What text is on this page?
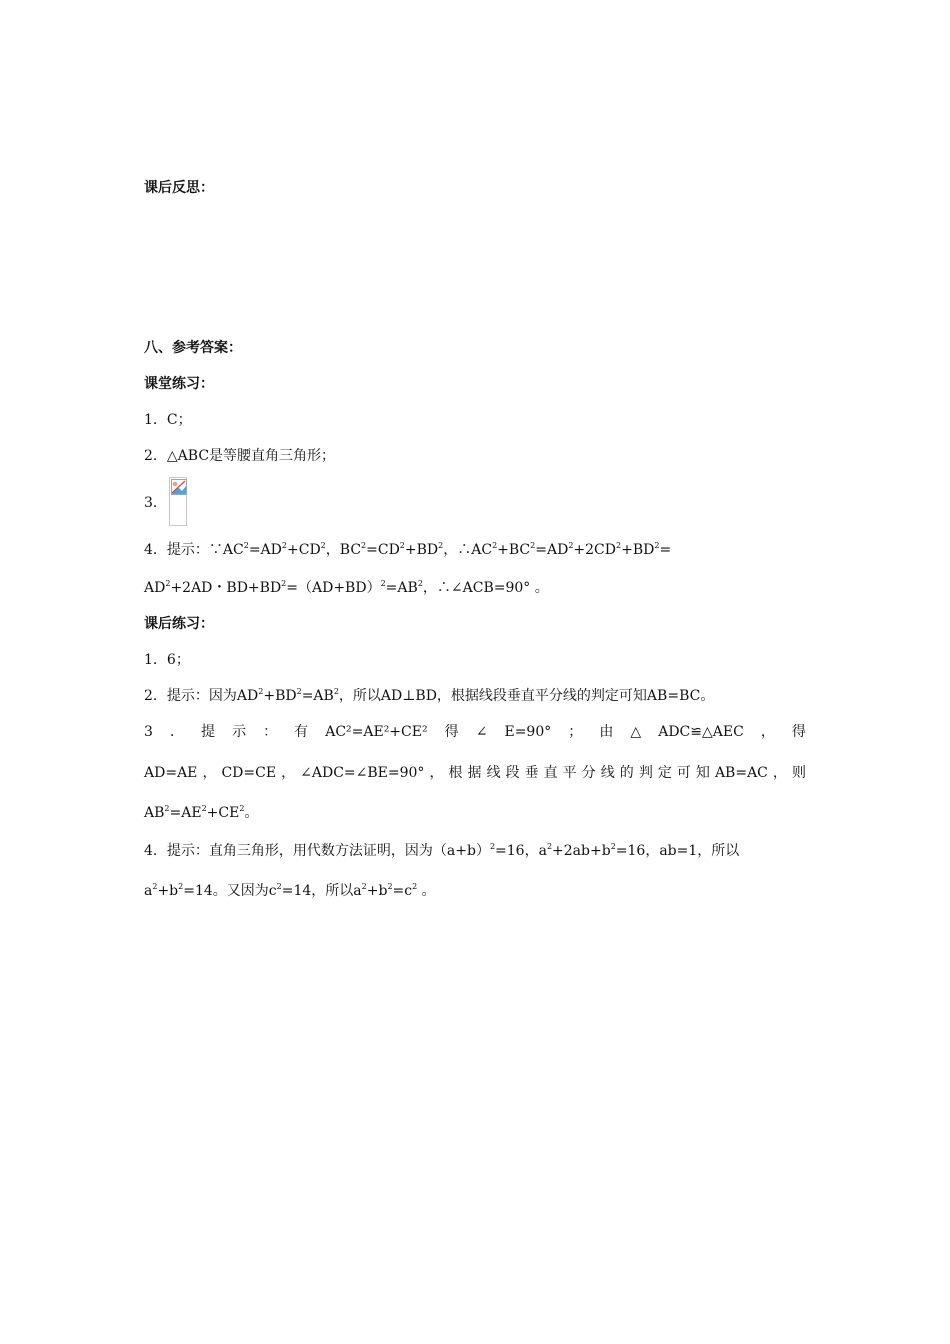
课后反思：
八、参考答案：
课堂练习：
1．C；
2．△ABC是等腰直角三角形；
3．
4．提示：$\because AC^2=AD^2+CD^2$，$BC^2=CD^2+BD^2$，$\therefore AC^2+BC^2=AD^2+2CD^2+BD^2=$
$AD^2+2AD$・$BD+BD^2=(AD+BD)^2=AB^2$，∴∠ACB=90° 。
课后练习：
1．6；
2．提示：因为$AD^2+BD^2=AB^2$，所以AD⊥BD，根据线段垂直平分线的判定可知AB=BC。
3 ． 提 示 ： 有 AC²=AE²+CE² 得 ∠ E=90° ； 由 △ ADC≌△AEC ， 得
AD=AE ， CD=CE ， ∠ADC=∠BE=90° ， 根 据 线 段 垂 直 平 分 线 的 判 定 可 知 AB=AC ， 则
$AB^2=AE^2+CE^2$。
4．提示：直角三角形，用代数方法证明，因为$(a+b)^2=16$，$a^2+2ab+b^2=16$，ab=1，所以
$a^2+b^2=14$。又因为$c^2=14$，所以$a^2+b^2=c^2$ 。
